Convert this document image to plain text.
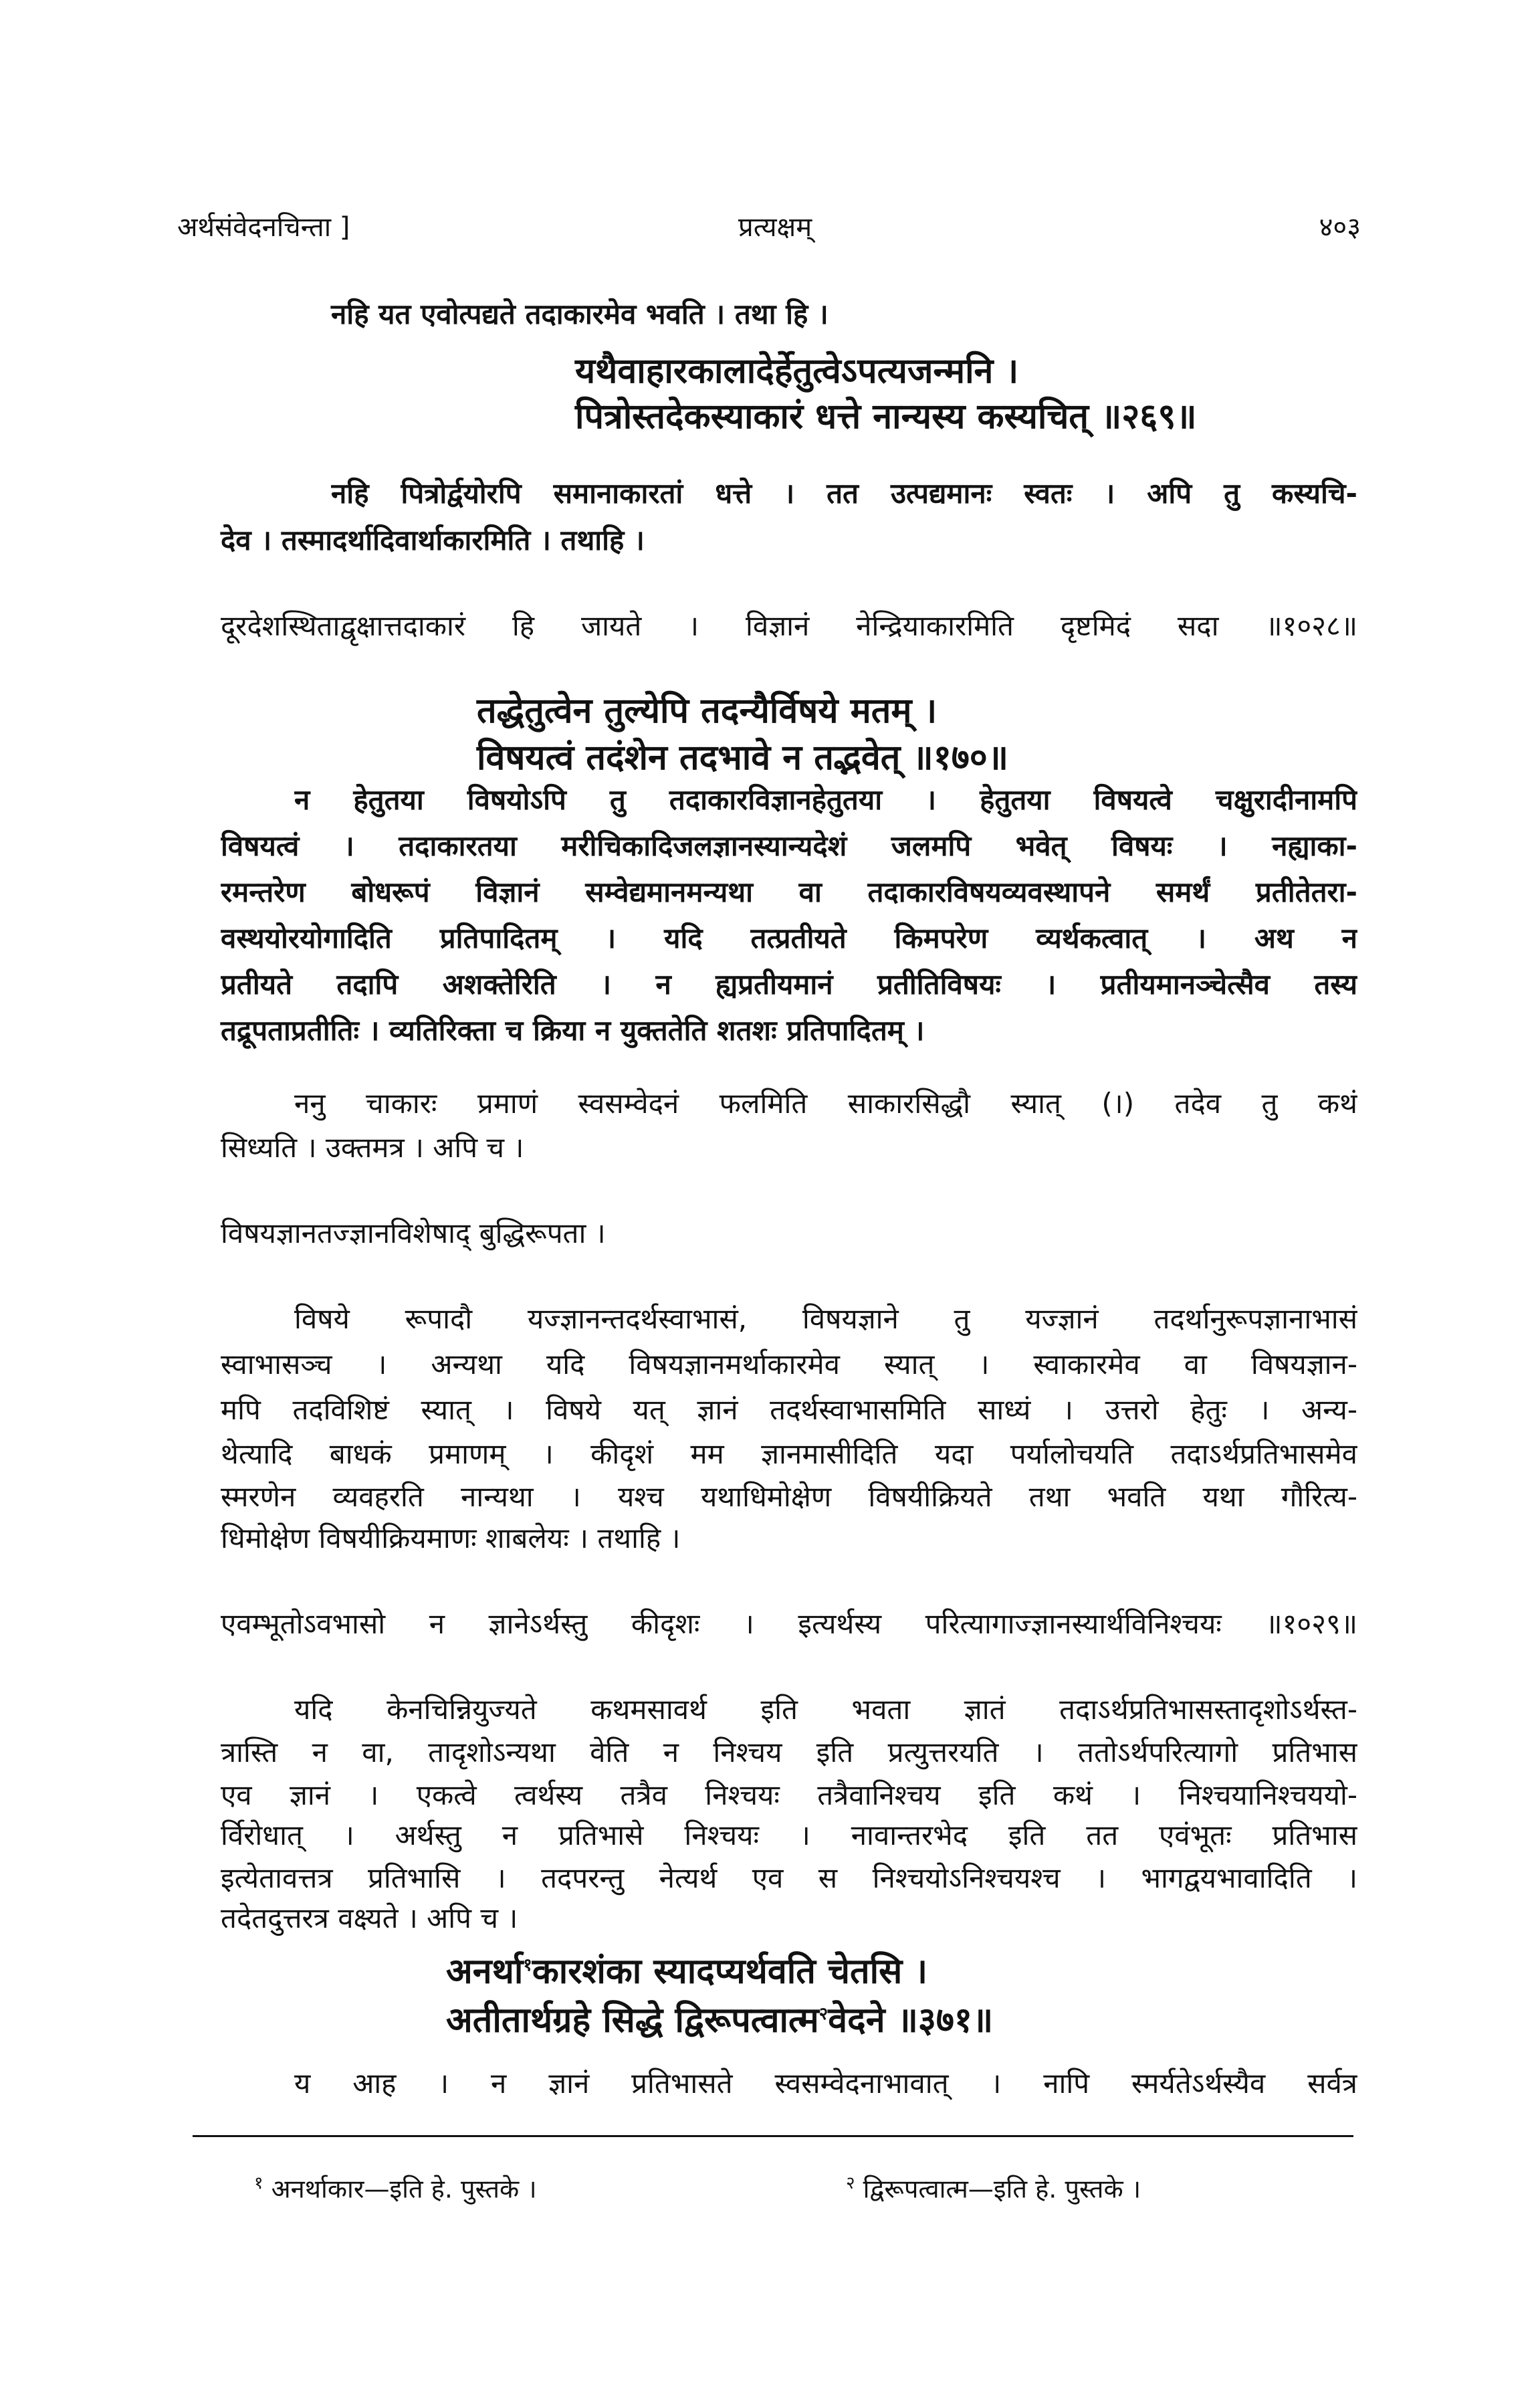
अर्थसंवेदनचिन्ता ]	प्रत्यक्षम्	४०३
नहि यत एवोत्पद्यते तदाकारमेव भवति । तथा हि ।
यथैवाहारकालादेर्हेतुत्वेऽपत्यजन्मनि ।
पित्रोस्तदेकस्याकारं धत्ते नान्यस्य कस्यचित् ॥२६९॥
नहि पित्रोर्द्वयोरपि समानाकारतां धत्ते । तत उत्पद्यमानः स्वतः । अपि तु कस्यचि-
देव । तस्मादर्थादिवार्थाकारमिति । तथाहि ।
दूरदेशस्थिताद्वृक्षात्तदाकारं हि जायते । विज्ञानं नेन्द्रियाकारमिति दृष्टमिदं सदा ॥१०२८॥
तद्धेतुत्वेन तुल्येपि तदन्यैर्विषये मतम् ।
विषयत्वं तदंशेन तदभावे न तद्भवेत् ॥१७०॥
न हेतुतया विषयोऽपि तु तदाकारविज्ञानहेतुतया । हेतुतया विषयत्वे चक्षुरादीनामपि
विषयत्वं । तदाकारतया मरीचिकादिजलज्ञानस्यान्यदेशं जलमपि भवेत् विषयः । नह्याका-
रमन्तरेण बोधरूपं विज्ञानं सम्वेद्यमानमन्यथा वा तदाकारविषयव्यवस्थापने समर्थं प्रतीतेतरा-
वस्थयोरयोगादिति प्रतिपादितम् । यदि तत्प्रतीयते किमपरेण व्यर्थकत्वात् । अथ न
प्रतीयते तदापि अशक्तेरिति । न ह्यप्रतीयमानं प्रतीतिविषयः । प्रतीयमानञ्चेत्सैव तस्य
तद्रूपताप्रतीतिः । व्यतिरिक्ता च क्रिया न युक्ततेति शतशः प्रतिपादितम् ।
ननु चाकारः प्रमाणं स्वसम्वेदनं फलमिति साकारसिद्धौ स्यात् (।) तदेव तु कथं
सिध्यति । उक्तमत्र । अपि च ।
विषयज्ञानतज्ज्ञानविशेषाद् बुद्धिरूपता ।
विषये रूपादौ यज्ज्ञानन्तदर्थस्वाभासं, विषयज्ञाने तु यज्ज्ञानं तदर्थानुरूपज्ञानाभासं
स्वाभासञ्च । अन्यथा यदि विषयज्ञानमर्थाकारमेव स्यात् । स्वाकारमेव वा विषयज्ञान-
मपि तदविशिष्टं स्यात् । विषये यत् ज्ञानं तदर्थस्वाभासमिति साध्यं । उत्तरो हेतुः । अन्य-
थेत्यादि बाधकं प्रमाणम् । कीदृशं मम ज्ञानमासीदिति यदा पर्यालोचयति तदाऽर्थप्रतिभासमेव
स्मरणेन व्यवहरति नान्यथा । यश्च यथाधिमोक्षेण विषयीक्रियते तथा भवति यथा गौरित्य-
धिमोक्षेण विषयीक्रियमाणः शाबलेयः । तथाहि ।
एवम्भूतोऽवभासो न ज्ञानेऽर्थस्तु कीदृशः । इत्यर्थस्य परित्यागाज्ज्ञानस्यार्थविनिश्चयः ॥१०२९॥
यदि केनचिन्नियुज्यते कथमसावर्थ इति भवता ज्ञातं तदाऽर्थप्रतिभासस्तादृशोऽर्थस्त-
त्रास्ति न वा, तादृशोऽन्यथा वेति न निश्चय इति प्रत्युत्तरयति । ततोऽर्थपरित्यागो प्रतिभास
एव ज्ञानं । एकत्वे त्वर्थस्य तत्रैव निश्चयः तत्रैवानिश्चय इति कथं । निश्चयानिश्चययो-
र्विरोधात् । अर्थस्तु न प्रतिभासे निश्चयः । नावान्तरभेद इति तत एवंभूतः प्रतिभास
इत्येतावत्तत्र प्रतिभासि । तदपरन्तु नेत्यर्थ एव स निश्चयोऽनिश्चयश्च । भागद्वयभावादिति ।
तदेतदुत्तरत्र वक्ष्यते । अपि च ।
य आह । न ज्ञानं प्रतिभासते स्वसम्वेदनाभावात् । नापि स्मर्यतेऽर्थस्यैव सर्वत्र
अनर्था$^१$कारशंका स्यादप्यर्थवति चेतसि ।
अतीतार्थग्रहे सिद्धे द्विरूपत्वात्म$^२$वेदने ॥३७१॥
$^१$ अनर्थाकार—इति हे. पुस्तके ।	$^२$ द्विरूपत्वात्म—इति हे. पुस्तके ।
